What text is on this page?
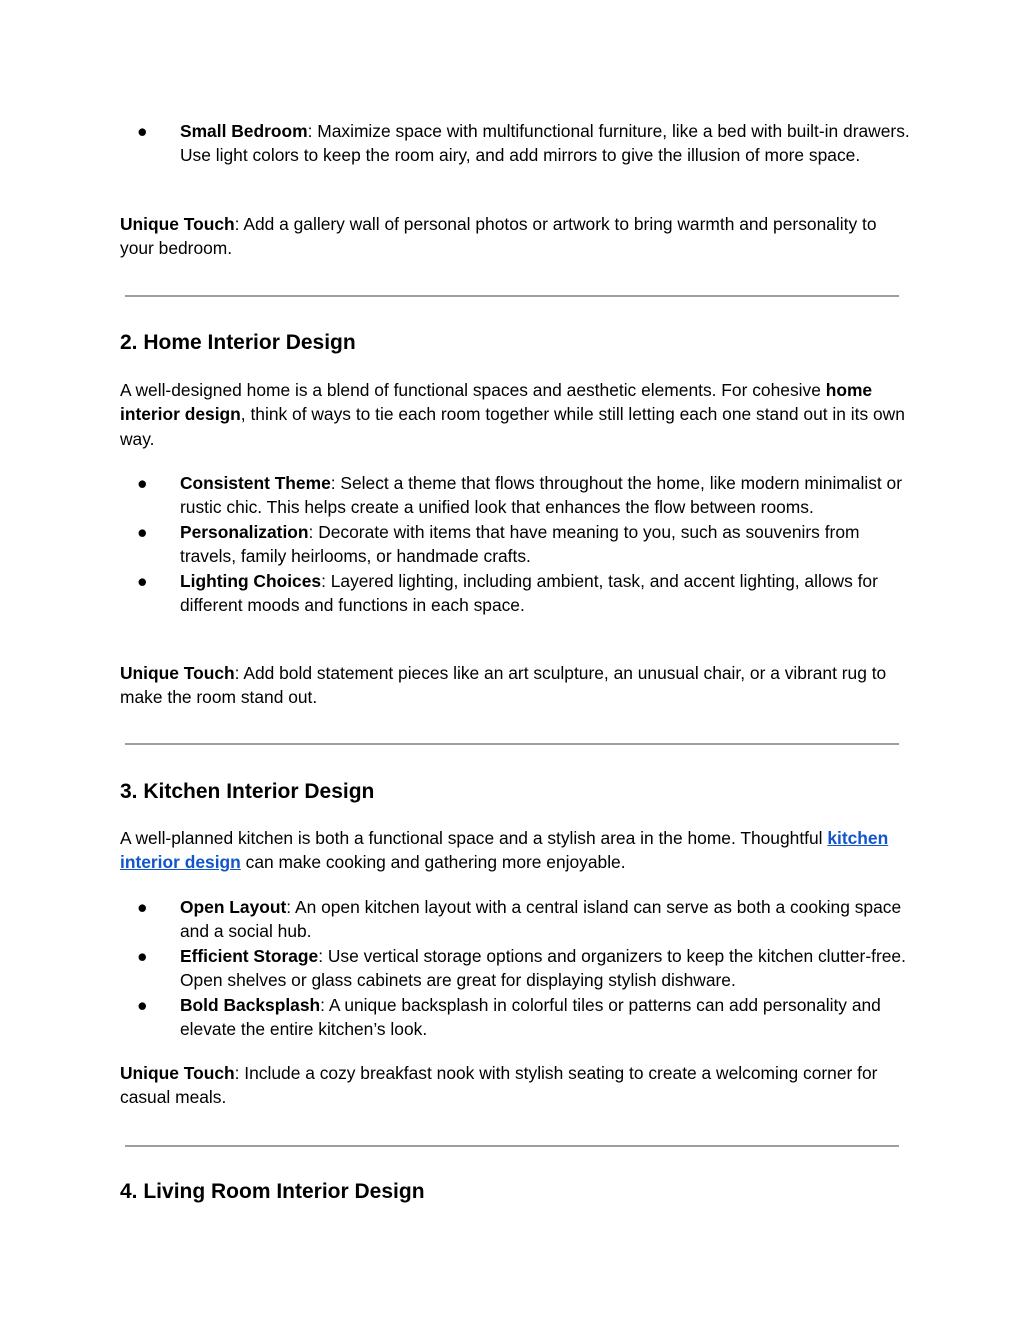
● Small Bedroom: Maximize space with multifunctional furniture, like a bed with built-in drawers. Use light colors to keep the room airy, and add mirrors to give the illusion of more space.
Unique Touch: Add a gallery wall of personal photos or artwork to bring warmth and personality to your bedroom.
2. Home Interior Design
A well-designed home is a blend of functional spaces and aesthetic elements. For cohesive home interior design, think of ways to tie each room together while still letting each one stand out in its own way.
● Consistent Theme: Select a theme that flows throughout the home, like modern minimalist or rustic chic. This helps create a unified look that enhances the flow between rooms.
● Personalization: Decorate with items that have meaning to you, such as souvenirs from travels, family heirlooms, or handmade crafts.
● Lighting Choices: Layered lighting, including ambient, task, and accent lighting, allows for different moods and functions in each space.
Unique Touch: Add bold statement pieces like an art sculpture, an unusual chair, or a vibrant rug to make the room stand out.
3. Kitchen Interior Design
A well-planned kitchen is both a functional space and a stylish area in the home. Thoughtful kitchen interior design can make cooking and gathering more enjoyable.
● Open Layout: An open kitchen layout with a central island can serve as both a cooking space and a social hub.
● Efficient Storage: Use vertical storage options and organizers to keep the kitchen clutter-free. Open shelves or glass cabinets are great for displaying stylish dishware.
● Bold Backsplash: A unique backsplash in colorful tiles or patterns can add personality and elevate the entire kitchen’s look.
Unique Touch: Include a cozy breakfast nook with stylish seating to create a welcoming corner for casual meals.
4. Living Room Interior Design
